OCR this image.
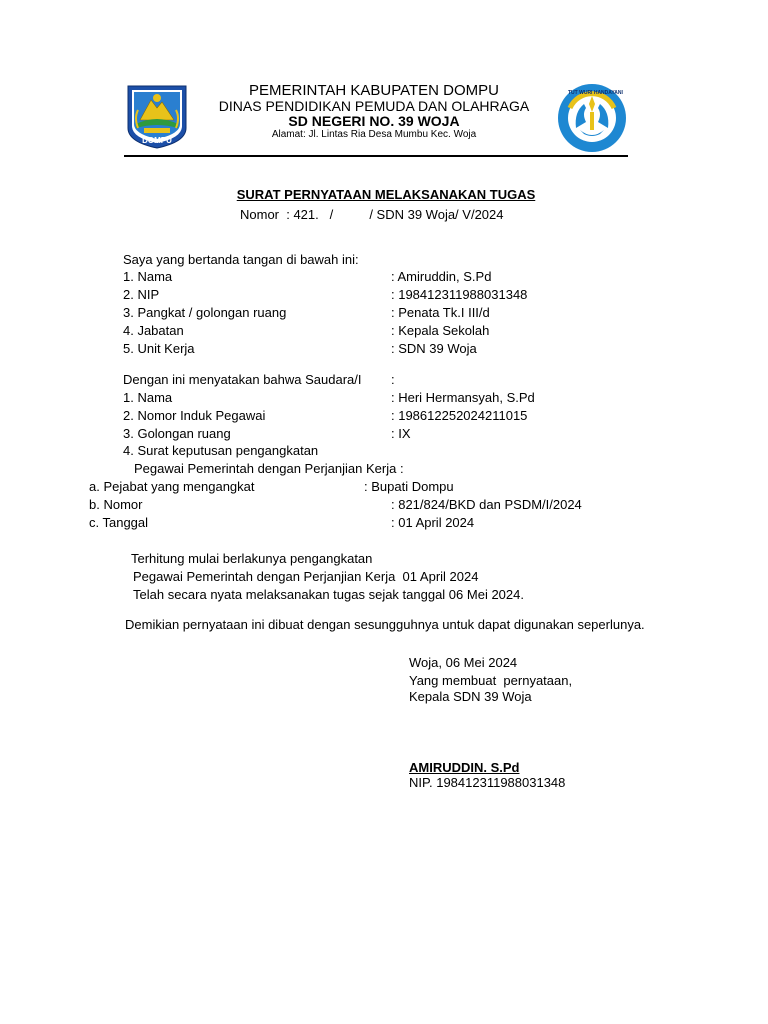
DOMPU
TUT WURI HANDAYANI
PEMERINTAH KABUPATEN DOMPU
DINAS PENDIDIKAN PEMUDA DAN OLAHRAGA
SD NEGERI NO. 39 WOJA
Alamat: Jl. Lintas Ria Desa Mumbu Kec. Woja
SURAT PERNYATAAN MELAKSANAKAN TUGAS
Nomor  : 421.   /          / SDN 39 Woja/ V/2024
Saya yang bertanda tangan di bawah ini:
1. Nama	: Amiruddin, S.Pd
2. NIP	: 198412311988031348
3. Pangkat / golongan ruang	: Penata Tk.I III/d
4. Jabatan	: Kepala Sekolah
5. Unit Kerja	: SDN 39 Woja
Dengan ini menyatakan bahwa Saudara/I :
1. Nama	: Heri Hermansyah, S.Pd
2. Nomor Induk Pegawai	: 198612252024211015
3. Golongan ruang	: IX
4. Surat keputusan pengangkatan
Pegawai Pemerintah dengan Perjanjian Kerja :
a. Pejabat yang mengangkat	: Bupati Dompu
b. Nomor	: 821/824/BKD dan PSDM/I/2024
c. Tanggal	: 01 April 2024
Terhitung mulai berlakunya pengangkatan
Pegawai Pemerintah dengan Perjanjian Kerja  01 April 2024
Telah secara nyata melaksanakan tugas sejak tanggal 06 Mei 2024.
Demikian pernyataan ini dibuat dengan sesungguhnya untuk dapat digunakan seperlunya.
Woja, 06 Mei 2024
Yang membuat  pernyataan,
Kepala SDN 39 Woja
AMIRUDDIN. S.Pd
NIP. 198412311988031348
